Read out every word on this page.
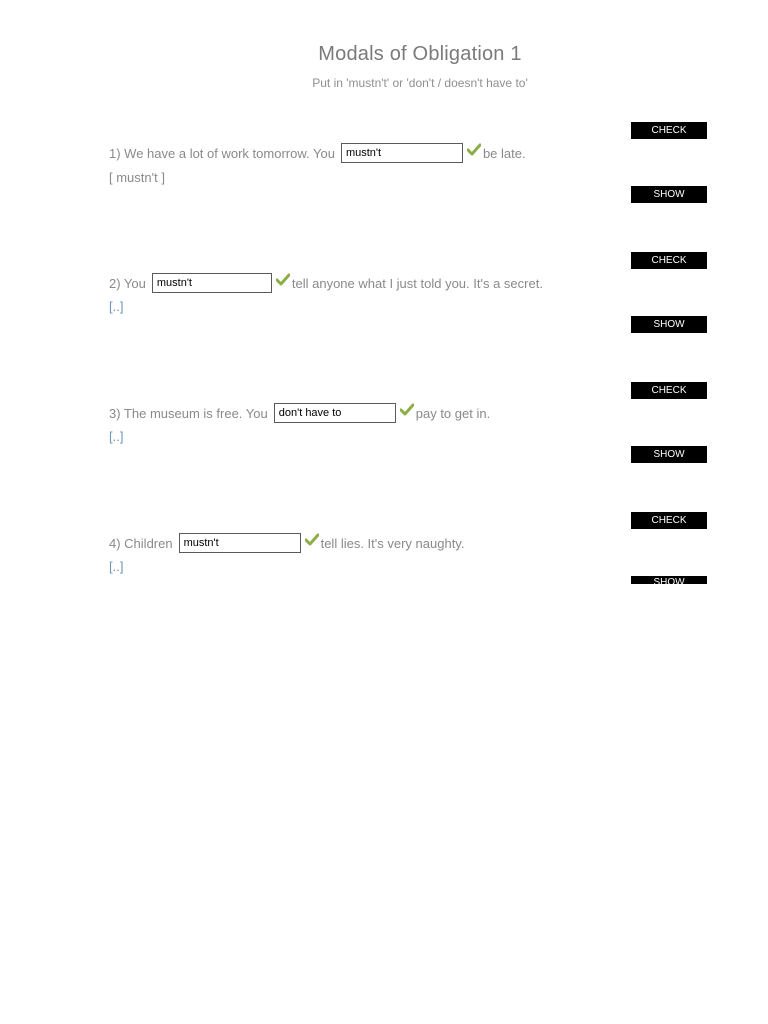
Modals of Obligation 1
Put in 'mustn't' or 'don't / doesn't have to'
CHECK
1) We have a lot of work tomorrow. You	mustn't	be late.
[ mustn't ]
SHOW
CHECK
2) You	mustn't	tell anyone what I just told you. It's a secret.
[..]
SHOW
CHECK
3) The museum is free. You	don't have to	pay to get in.
[..]
SHOW
CHECK
4) Children	mustn't	tell lies. It's very naughty.
[..]
SHOW
